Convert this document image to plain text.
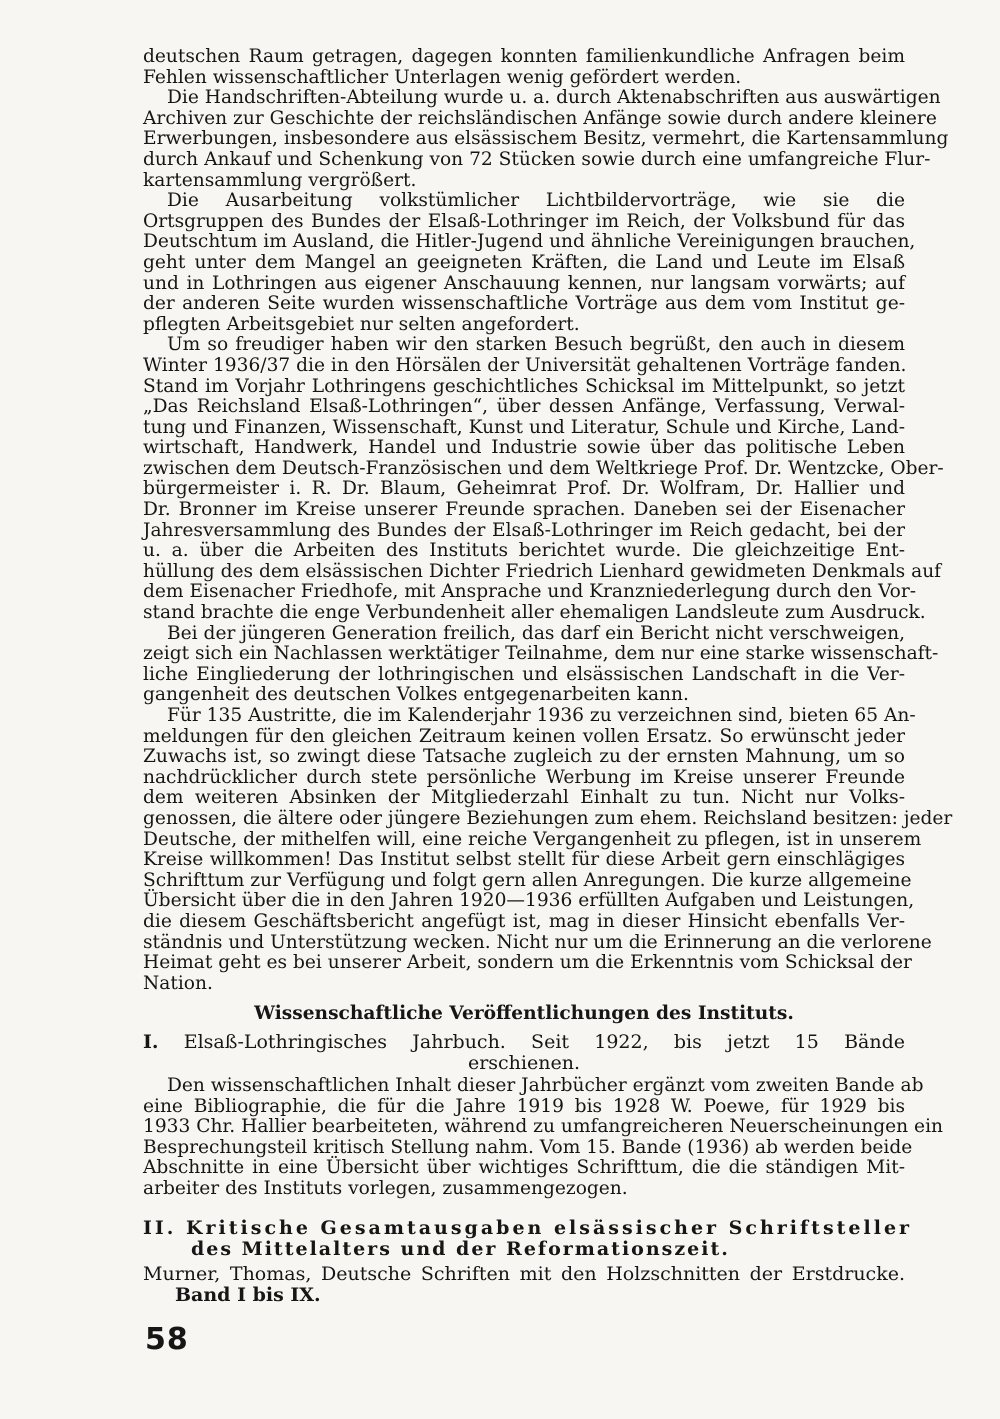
deutschen Raum getragen, dagegen konnten familienkundliche Anfragen beim
Fehlen wissenschaftlicher Unterlagen wenig gefördert werden.
Die Handschriften-Abteilung wurde u. a. durch Aktenabschriften aus auswärtigen
Archiven zur Geschichte der reichsländischen Anfänge sowie durch andere kleinere
Erwerbungen, insbesondere aus elsässischem Besitz, vermehrt, die Kartensammlung
durch Ankauf und Schenkung von 72 Stücken sowie durch eine umfangreiche Flur-
kartensammlung vergrößert.
Die Ausarbeitung volkstümlicher Lichtbildervorträge, wie sie die
Ortsgruppen des Bundes der Elsaß-Lothringer im Reich, der Volksbund für das
Deutschtum im Ausland, die Hitler-Jugend und ähnliche Vereinigungen brauchen,
geht unter dem Mangel an geeigneten Kräften, die Land und Leute im Elsaß
und in Lothringen aus eigener Anschauung kennen, nur langsam vorwärts; auf
der anderen Seite wurden wissenschaftliche Vorträge aus dem vom Institut ge-
pflegten Arbeitsgebiet nur selten angefordert.
Um so freudiger haben wir den starken Besuch begrüßt, den auch in diesem
Winter 1936/37 die in den Hörsälen der Universität gehaltenen Vorträge fanden.
Stand im Vorjahr Lothringens geschichtliches Schicksal im Mittelpunkt, so jetzt
„Das Reichsland Elsaß-Lothringen“, über dessen Anfänge, Verfassung, Verwal-
tung und Finanzen, Wissenschaft, Kunst und Literatur, Schule und Kirche, Land-
wirtschaft, Handwerk, Handel und Industrie sowie über das politische Leben
zwischen dem Deutsch-Französischen und dem Weltkriege Prof. Dr. Wentzcke, Ober-
bürgermeister i. R. Dr. Blaum, Geheimrat Prof. Dr. Wolfram, Dr. Hallier und
Dr. Bronner im Kreise unserer Freunde sprachen. Daneben sei der Eisenacher
Jahresversammlung des Bundes der Elsaß-Lothringer im Reich gedacht, bei der
u. a. über die Arbeiten des Instituts berichtet wurde. Die gleichzeitige Ent-
hüllung des dem elsässischen Dichter Friedrich Lienhard gewidmeten Denkmals auf
dem Eisenacher Friedhofe, mit Ansprache und Kranzniederlegung durch den Vor-
stand brachte die enge Verbundenheit aller ehemaligen Landsleute zum Ausdruck.
Bei der jüngeren Generation freilich, das darf ein Bericht nicht verschweigen,
zeigt sich ein Nachlassen werktätiger Teilnahme, dem nur eine starke wissenschaft-
liche Eingliederung der lothringischen und elsässischen Landschaft in die Ver-
gangenheit des deutschen Volkes entgegenarbeiten kann.
Für 135 Austritte, die im Kalenderjahr 1936 zu verzeichnen sind, bieten 65 An-
meldungen für den gleichen Zeitraum keinen vollen Ersatz. So erwünscht jeder
Zuwachs ist, so zwingt diese Tatsache zugleich zu der ernsten Mahnung, um so
nachdrücklicher durch stete persönliche Werbung im Kreise unserer Freunde
dem weiteren Absinken der Mitgliederzahl Einhalt zu tun. Nicht nur Volks-
genossen, die ältere oder jüngere Beziehungen zum ehem. Reichsland besitzen: jeder
Deutsche, der mithelfen will, eine reiche Vergangenheit zu pflegen, ist in unserem
Kreise willkommen! Das Institut selbst stellt für diese Arbeit gern einschlägiges
Schrifttum zur Verfügung und folgt gern allen Anregungen. Die kurze allgemeine
Übersicht über die in den Jahren 1920—1936 erfüllten Aufgaben und Leistungen,
die diesem Geschäftsbericht angefügt ist, mag in dieser Hinsicht ebenfalls Ver-
ständnis und Unterstützung wecken. Nicht nur um die Erinnerung an die verlorene
Heimat geht es bei unserer Arbeit, sondern um die Erkenntnis vom Schicksal der
Nation.
Wissenschaftliche Veröffentlichungen des Instituts.
I. Elsaß-Lothringisches Jahrbuch. Seit 1922, bis jetzt 15 Bände
erschienen.
Den wissenschaftlichen Inhalt dieser Jahrbücher ergänzt vom zweiten Bande ab
eine Bibliographie, die für die Jahre 1919 bis 1928 W. Poewe, für 1929 bis
1933 Chr. Hallier bearbeiteten, während zu umfangreicheren Neuerscheinungen ein
Besprechungsteil kritisch Stellung nahm. Vom 15. Bande (1936) ab werden beide
Abschnitte in eine Übersicht über wichtiges Schrifttum, die die ständigen Mit-
arbeiter des Instituts vorlegen, zusammengezogen.
II. Kritische Gesamtausgaben elsässischer Schriftsteller
des Mittelalters und der Reformationszeit.
Murner, Thomas, Deutsche Schriften mit den Holzschnitten der Erstdrucke.
Band I bis IX.
58
